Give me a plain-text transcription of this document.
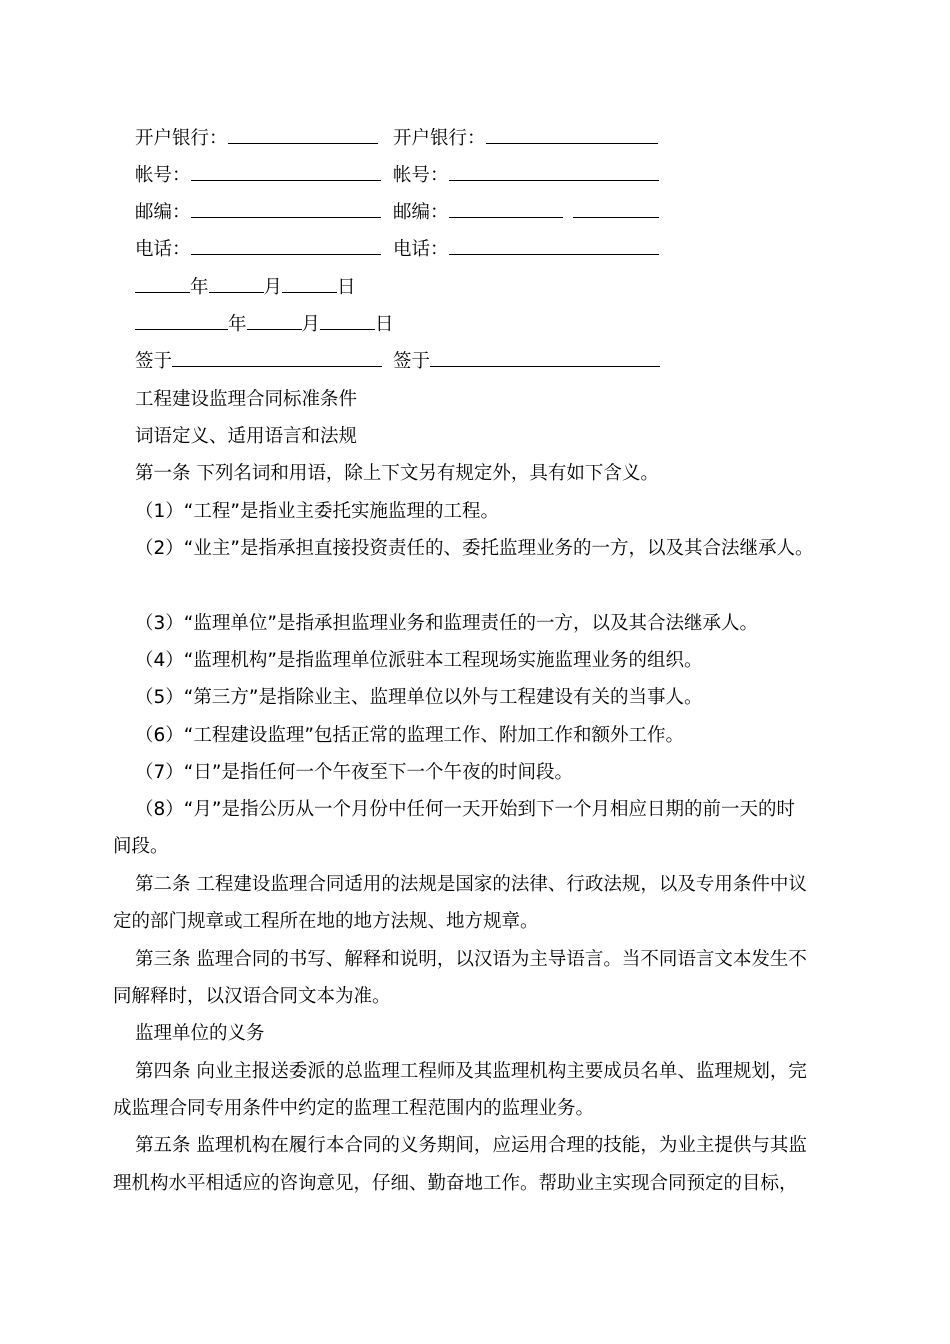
开户银行：	开户银行：
帐号：	帐号：
邮编：	邮编：
电话：	电话：
年	月	日
年	月	日
签于	签于
工程建设监理合同标准条件
词语定义、适用语言和法规
第一条 下列名词和用语，除上下文另有规定外，具有如下含义。
（1）“工程”是指业主委托实施监理的工程。
（2）“业主”是指承担直接投资责任的、委托监理业务的一方，以及其合法继承人。
（3）“监理单位”是指承担监理业务和监理责任的一方，以及其合法继承人。
（4）“监理机构”是指监理单位派驻本工程现场实施监理业务的组织。
（5）“第三方”是指除业主、监理单位以外与工程建设有关的当事人。
（6）“工程建设监理”包括正常的监理工作、附加工作和额外工作。
（7）“日”是指任何一个午夜至下一个午夜的时间段。
（8）“月”是指公历从一个月份中任何一天开始到下一个月相应日期的前一天的时
间段。
第二条 工程建设监理合同适用的法规是国家的法律、行政法规，以及专用条件中议
定的部门规章或工程所在地的地方法规、地方规章。
第三条 监理合同的书写、解释和说明，以汉语为主导语言。当不同语言文本发生不
同解释时，以汉语合同文本为准。
监理单位的义务
第四条 向业主报送委派的总监理工程师及其监理机构主要成员名单、监理规划，完
成监理合同专用条件中约定的监理工程范围内的监理业务。
第五条 监理机构在履行本合同的义务期间，应运用合理的技能，为业主提供与其监
理机构水平相适应的咨询意见，仔细、勤奋地工作。帮助业主实现合同预定的目标，
